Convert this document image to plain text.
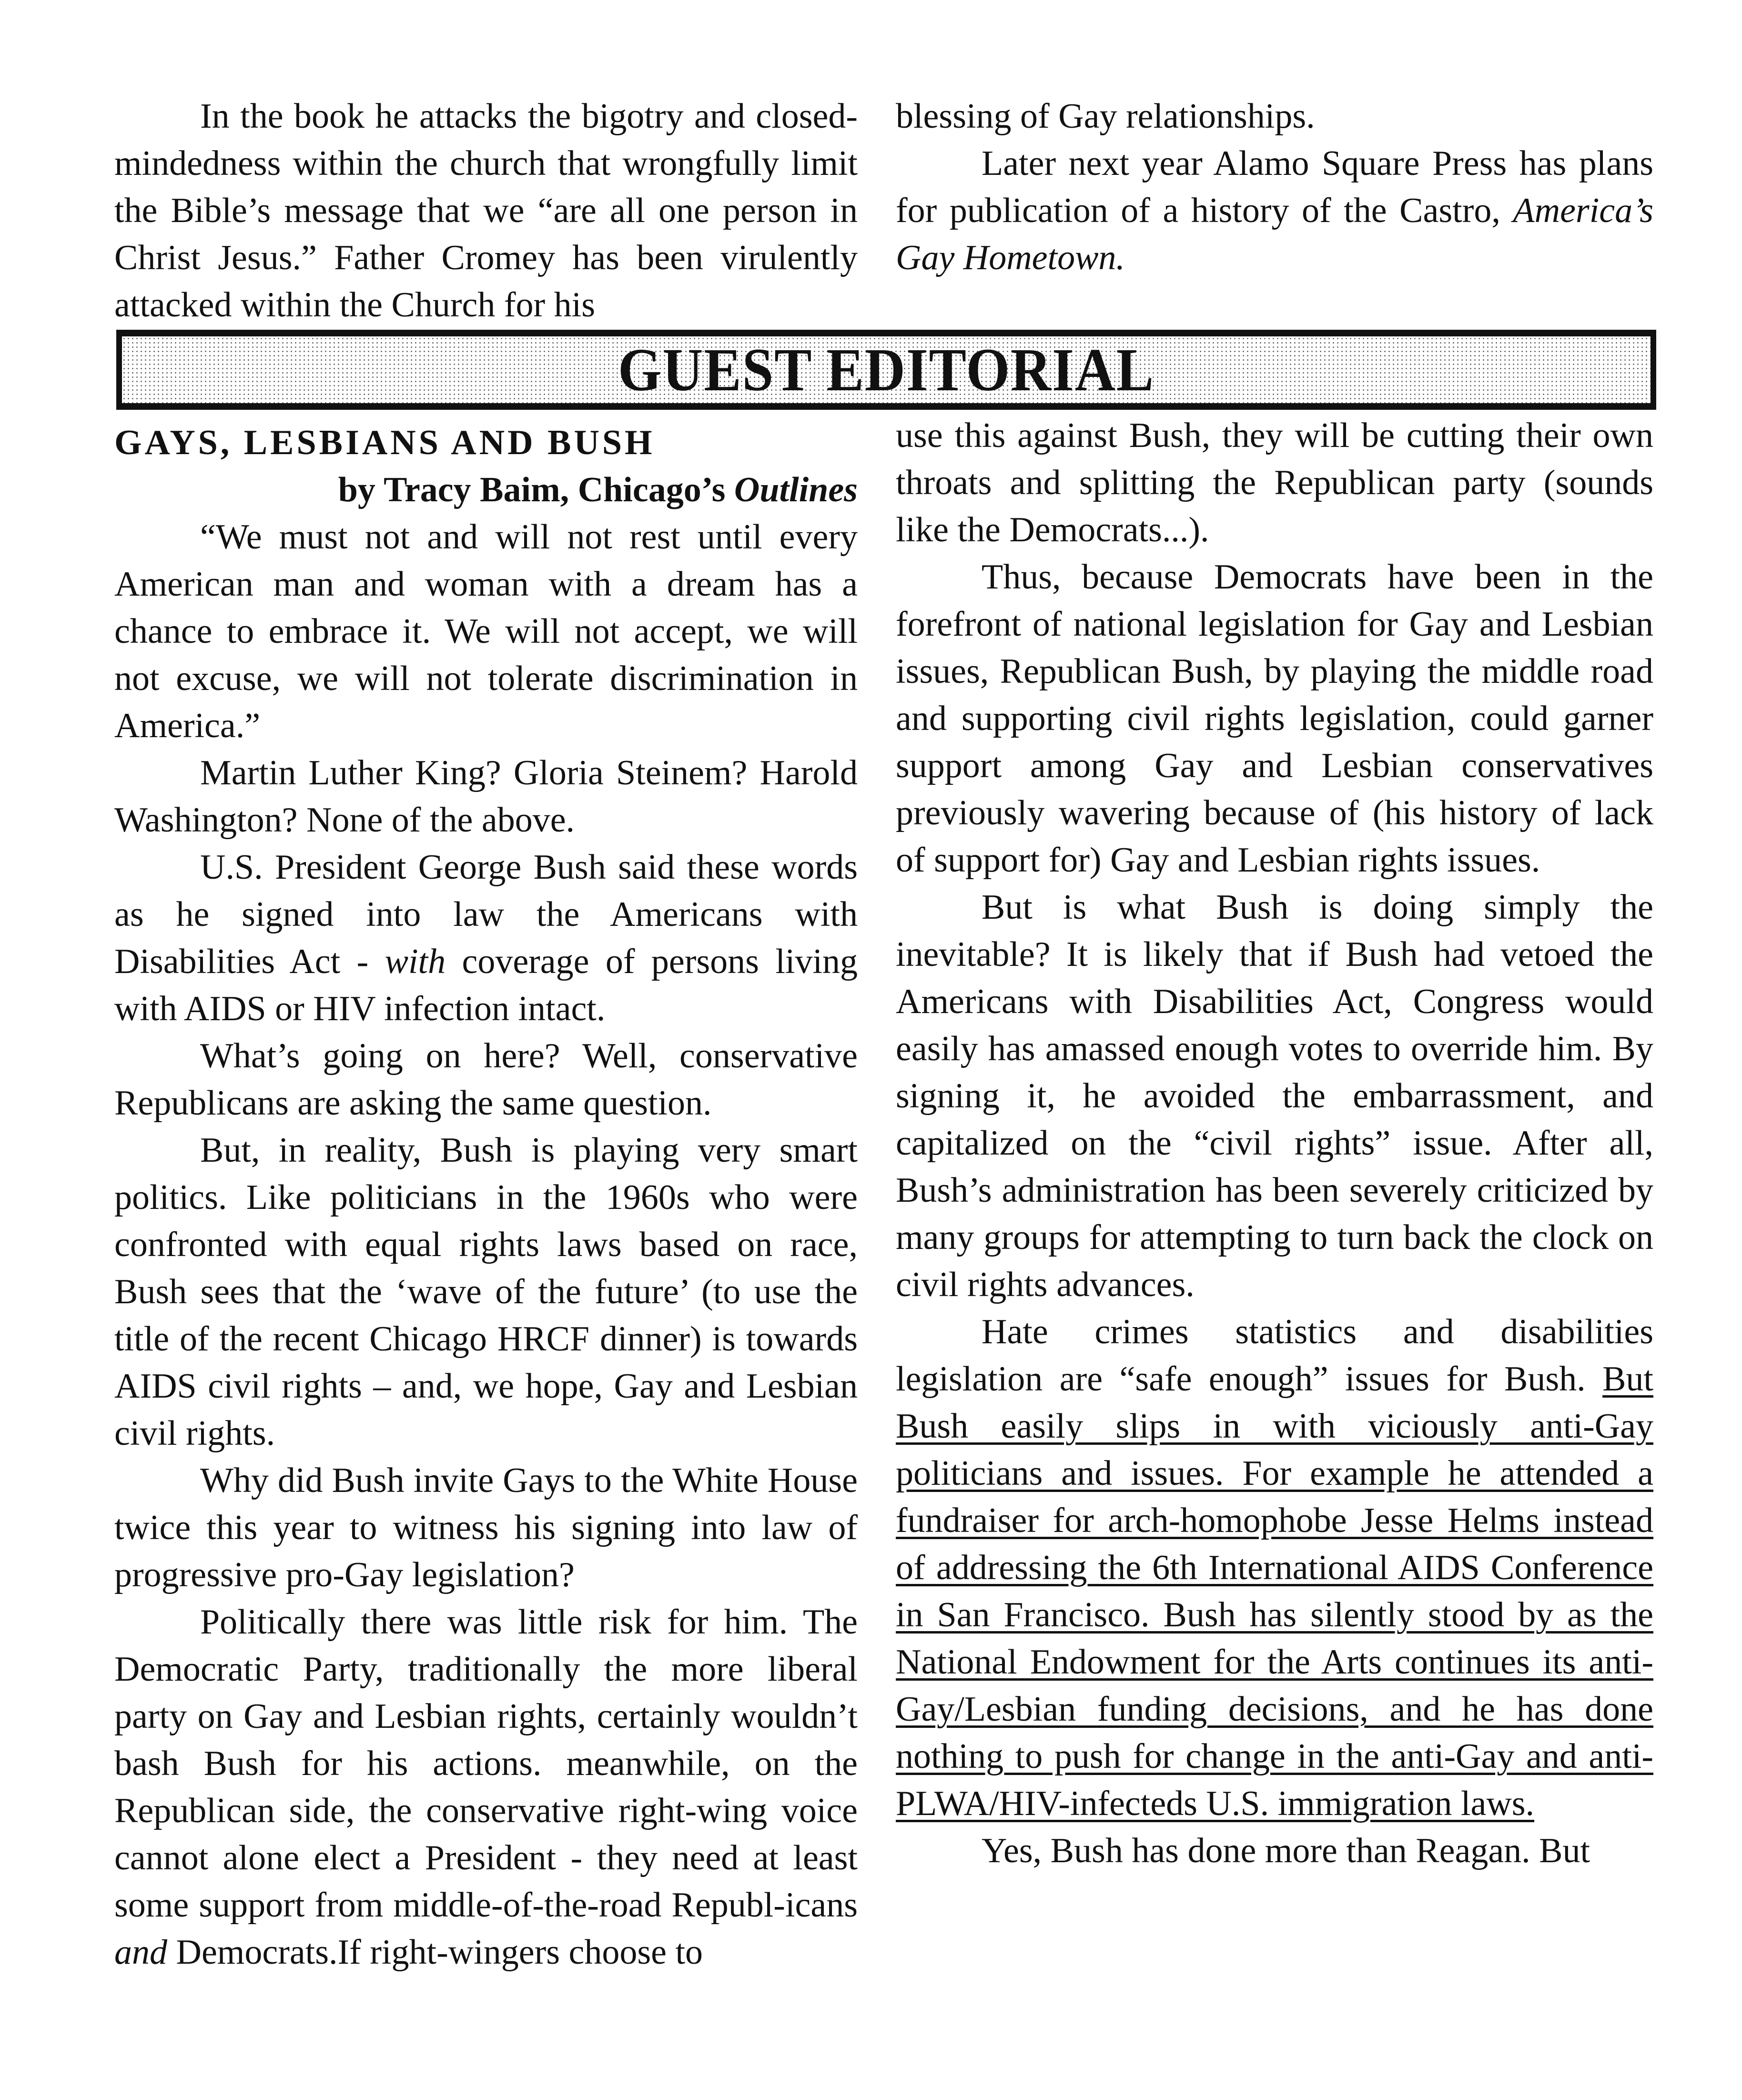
In the book he attacks the bigotry and closed-mindedness within the church that wrongfully limit the Bible’s message that we “are all one person in Christ Jesus.” Father Cromey has been virulently attacked within the Church for his

blessing of Gay relationships.

Later next year Alamo Square Press has plans for publication of a history of the Castro, America’s Gay Hometown.

GUEST EDITORIAL
GAYS, LESBIANS AND BUSH
by Tracy Baim, Chicago’s Outlines

“We must not and will not rest until every American man and woman with a dream has a chance to embrace it. We will not accept, we will not excuse, we will not tolerate discrimination in America.”

Martin Luther King? Gloria Steinem? Harold Washington? None of the above.

U.S. President George Bush said these words as he signed into law the Americans with Disabilities Act - with coverage of persons living with AIDS or HIV infection intact.

What’s going on here? Well, conservative Republicans are asking the same question.

But, in reality, Bush is playing very smart politics. Like politicians in the 1960s who were confronted with equal rights laws based on race, Bush sees that the ‘wave of the future’ (to use the title of the recent Chicago HRCF dinner) is towards AIDS civil rights – and, we hope, Gay and Lesbian civil rights.

Why did Bush invite Gays to the White House twice this year to witness his signing into law of progressive pro-Gay legislation?

Politically there was little risk for him. The Democratic Party, traditionally the more liberal party on Gay and Lesbian rights, certainly wouldn’t bash Bush for his actions. meanwhile, on the Republican side, the conservative right-wing voice cannot alone elect a President - they need at least some support from middle-of-the-road Republ-icans and Democrats.If right-wingers choose to

use this against Bush, they will be cutting their own throats and splitting the Republican party (sounds like the Democrats...).

Thus, because Democrats have been in the forefront of national legislation for Gay and Lesbian issues, Republican Bush, by playing the middle road and supporting civil rights legislation, could garner support among Gay and Lesbian conservatives previously wavering because of (his history of lack of support for) Gay and Lesbian rights issues.

But is what Bush is doing simply the inevitable? It is likely that if Bush had vetoed the Americans with Disabilities Act, Congress would easily has amassed enough votes to override him. By signing it, he avoided the embarrassment, and capitalized on the “civil rights” issue. After all, Bush’s administration has been severely criticized by many groups for attempting to turn back the clock on civil rights advances.

Hate crimes statistics and disabilities legislation are “safe enough” issues for Bush. But Bush easily slips in with viciously anti-Gay politicians and issues. For example he attended a fundraiser for arch-homophobe Jesse Helms instead of addressing the 6th International AIDS Conference in San Francisco. Bush has silently stood by as the National Endowment for the Arts continues its anti-Gay/Lesbian funding decisions, and he has done nothing to push for change in the anti-Gay and anti-PLWA/HIV-infecteds U.S. immigration laws.

Yes, Bush has done more than Reagan. But
